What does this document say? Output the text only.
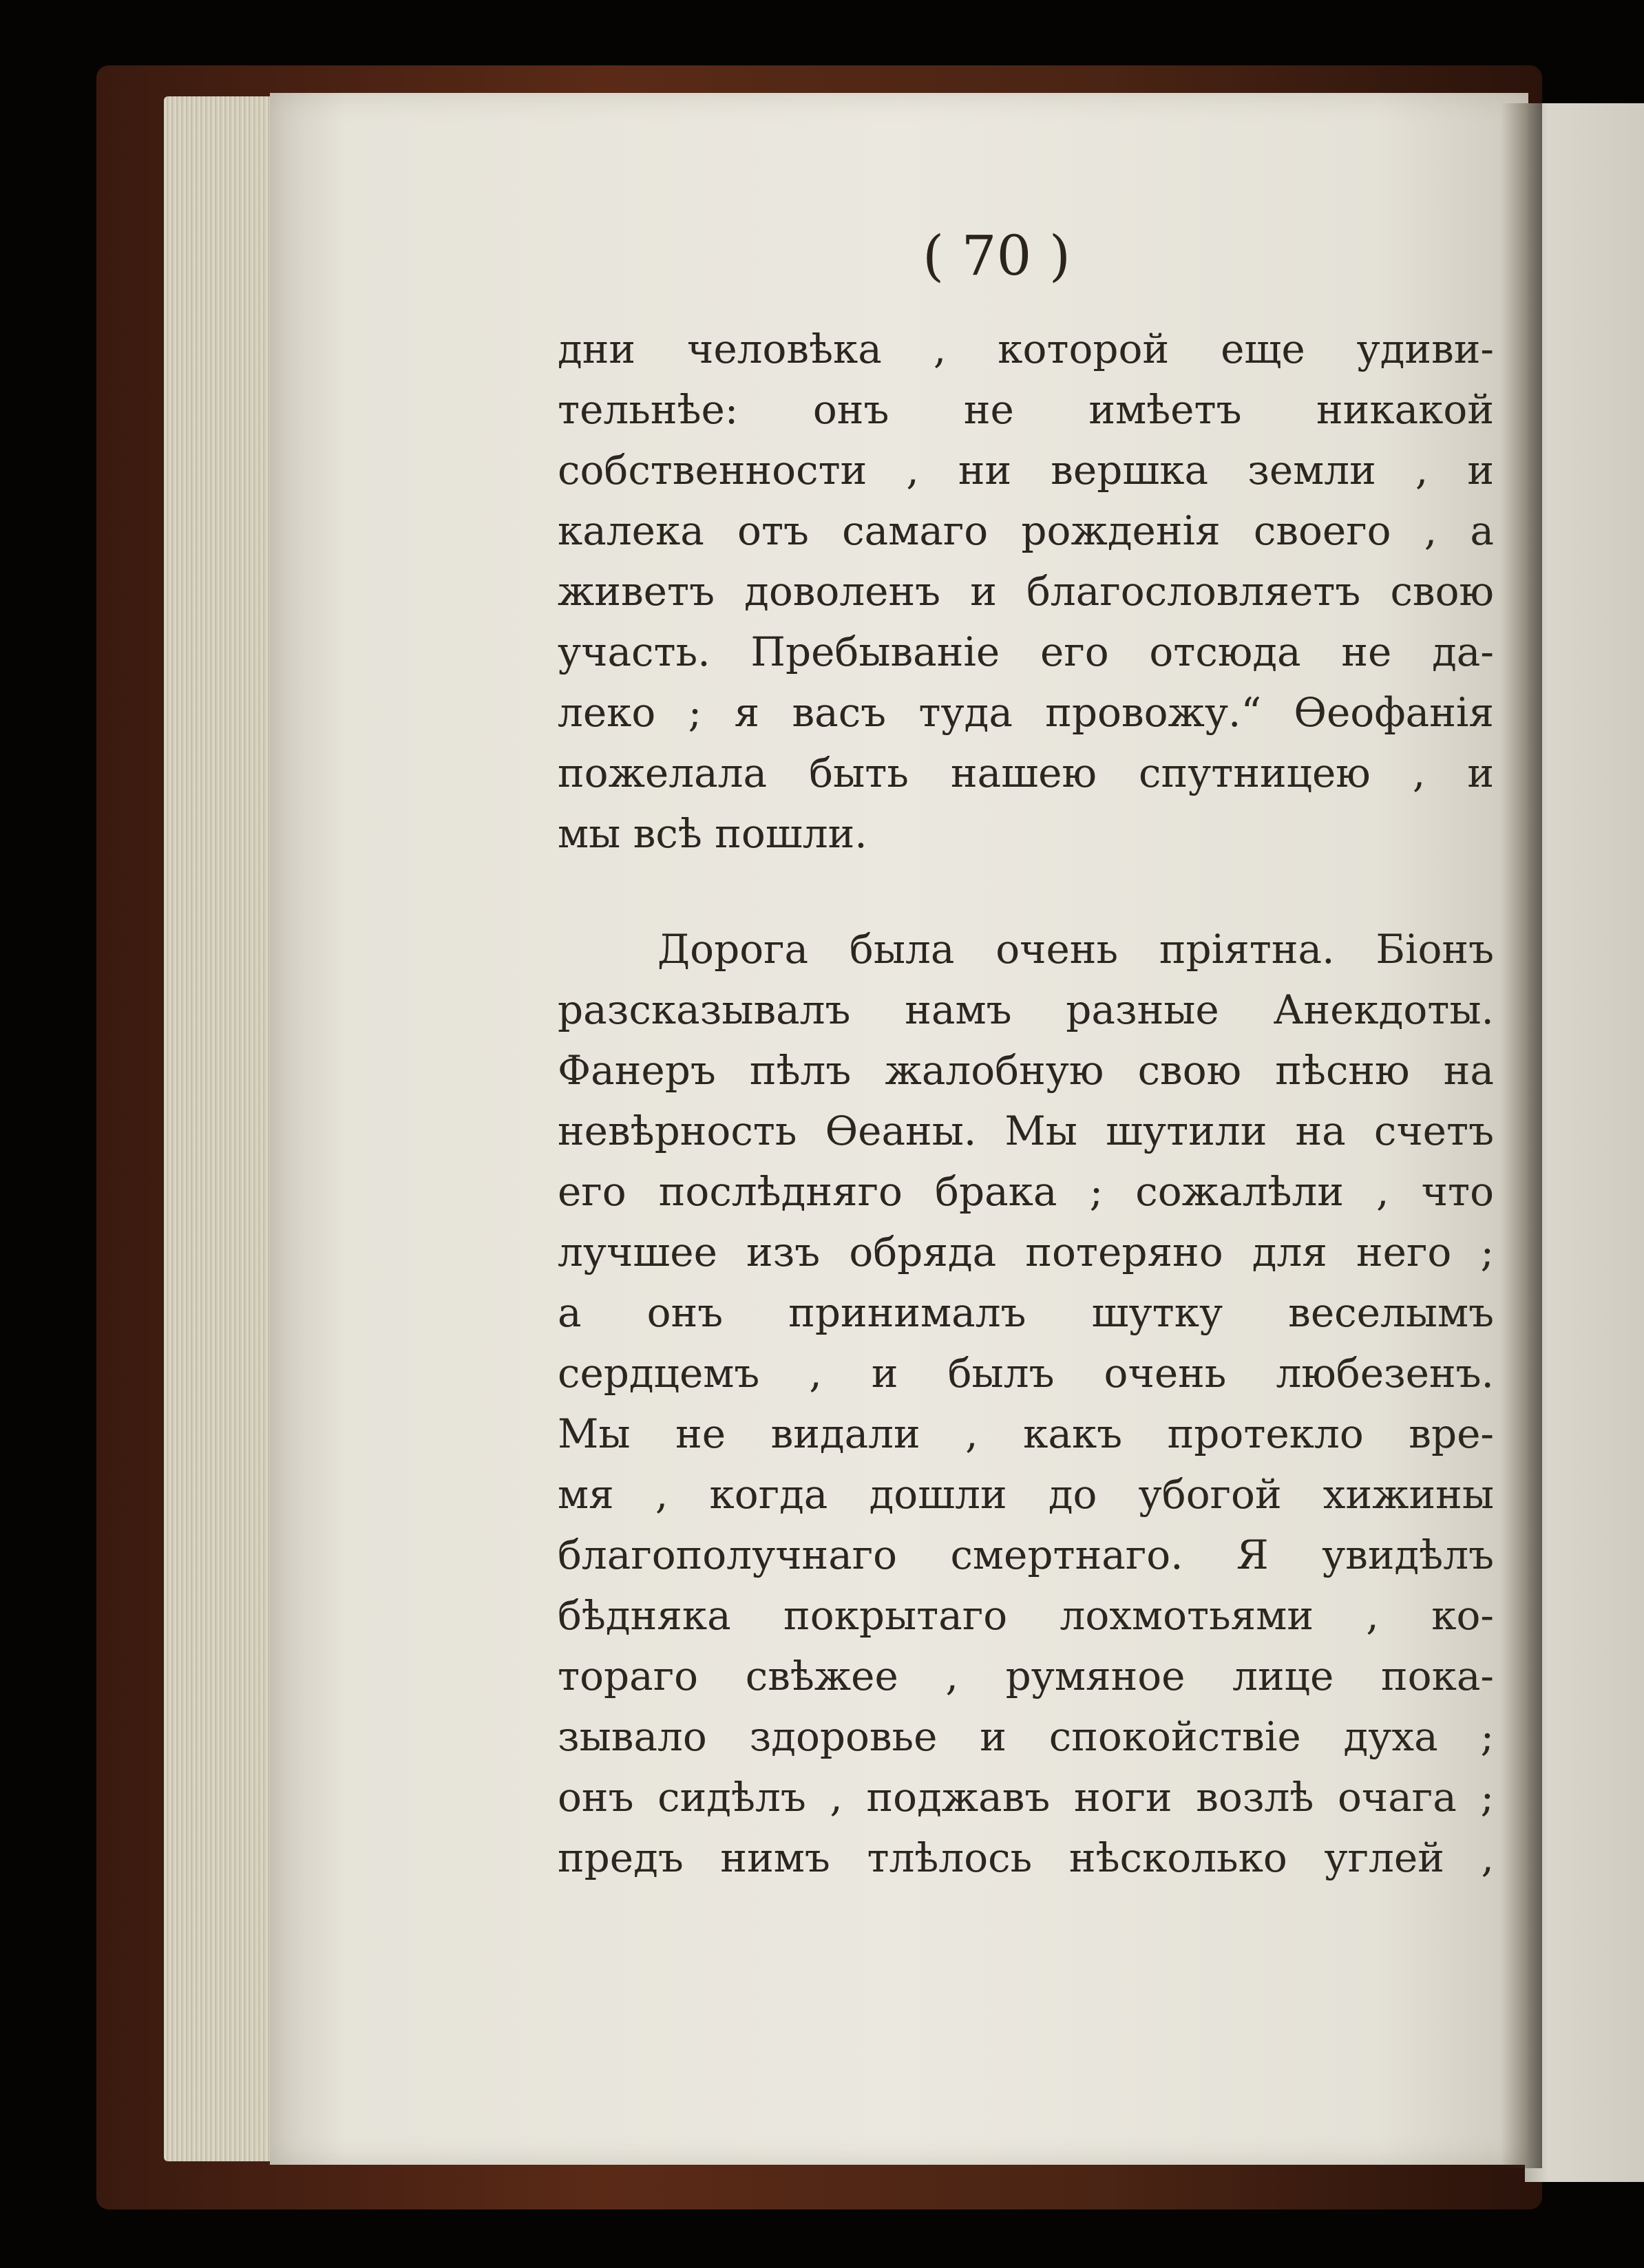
( 70 )
дни человѣка , которой еще удиви-
тельнѣе: онъ не имѣетъ никакой
собственности , ни вершка земли , и
калека отъ самаго рожденія своего , а
живетъ доволенъ и благословляетъ свою
участь. Пребываніе его отсюда не да-
леко ; я васъ туда провожу.“ Ѳеофанія
пожелала быть нашею спутницею , и
мы всѣ пошли.
Дорога была очень пріятна. Біонъ
разсказывалъ намъ разные Анекдоты.
Фанеръ пѣлъ жалобную свою пѣсню на
невѣрность Ѳеаны. Мы шутили на счетъ
его послѣдняго брака ; сожалѣли , что
лучшее изъ обряда потеряно для него ;
а онъ принималъ шутку веселымъ
сердцемъ , и былъ очень любезенъ.
Мы не видали , какъ протекло вре-
мя , когда дошли до убогой хижины
благополучнаго смертнаго. Я увидѣлъ
бѣдняка покрытаго лохмотьями , ко-
тораго свѣжее , румяное лице пока-
зывало здоровье и спокойствіе духа ;
онъ сидѣлъ , поджавъ ноги возлѣ очага ;
предъ нимъ тлѣлось нѣсколько углей ,
